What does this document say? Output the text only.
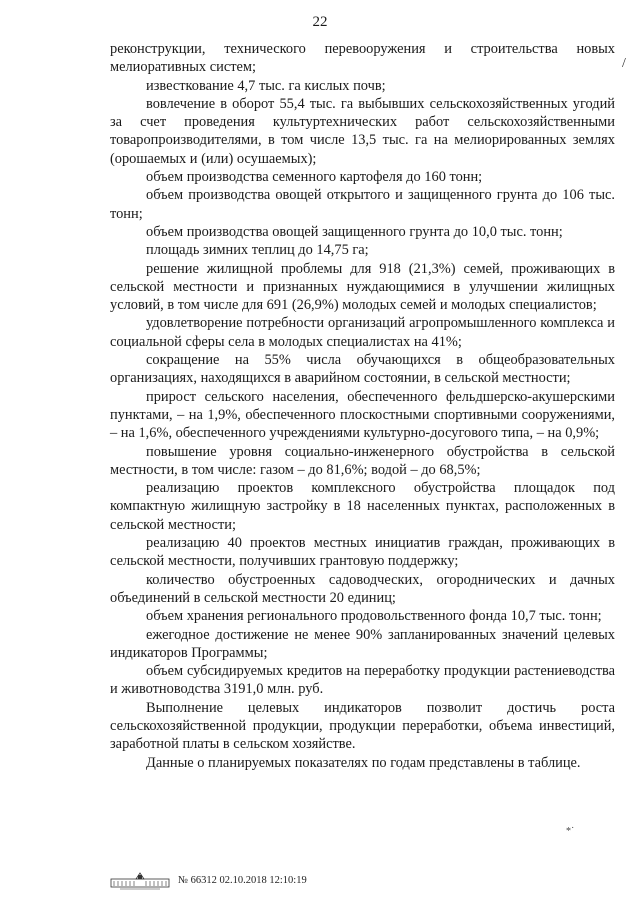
22
/

реконструкции, технического перевооружения и строительства новых мелиоративных систем;

известкование 4,7 тыс. га кислых почв;

вовлечение в оборот 55,4 тыс. га выбывших сельскохозяйственных угодий за счет проведения культуртехнических работ сельскохозяйственными товаропроизводителями, в том числе 13,5 тыс. га на мелиорированных землях (орошаемых и (или) осушаемых);

объем производства семенного картофеля до 160 тонн;

объем производства овощей открытого и защищенного грунта до 106 тыс. тонн;

объем производства овощей защищенного грунта до 10,0 тыс. тонн;

площадь зимних теплиц до 14,75 га;

решение жилищной проблемы для 918 (21,3%) семей, проживающих в сельской местности и признанных нуждающимися в улучшении жилищных условий, в том числе для 691 (26,9%) молодых семей и молодых специалистов;

удовлетворение потребности организаций агропромышленного комплекса и социальной сферы села в молодых специалистах на 41%;

сокращение на 55% числа обучающихся в общеобразовательных организациях, находящихся в аварийном состоянии, в сельской местности;

прирост сельского населения, обеспеченного фельдшерско-акушерскими пунктами, – на 1,9%, обеспеченного плоскостными спортивными сооружениями, – на 1,6%, обеспеченного учреждениями культурно-досугового типа, – на 0,9%;

повышение уровня социально-инженерного обустройства в сельской местности, в том числе: газом – до 81,6%; водой – до 68,5%;

реализацию проектов комплексного обустройства площадок под компактную жилищную застройку в 18 населенных пунктах, расположенных в сельской местности;

реализацию 40 проектов местных инициатив граждан, проживающих в сельской местности, получивших грантовую поддержку;

количество обустроенных садоводческих, огороднических и дачных объединений в сельской местности 20 единиц;

объем хранения регионального продовольственного фонда 10,7 тыс. тонн;

ежегодное достижение не менее 90% запланированных значений целевых индикаторов Программы;

объем субсидируемых кредитов на переработку продукции растениеводства и животноводства 3191,0 млн. руб.

Выполнение целевых индикаторов позволит достичь роста сельскохозяйственной продукции, продукции переработки, объема инвестиций, заработной платы в сельском хозяйстве.

Данные о планируемых показателях по годам представлены в таблице.

*˙
№ 66312 02.10.2018 12:10:19
